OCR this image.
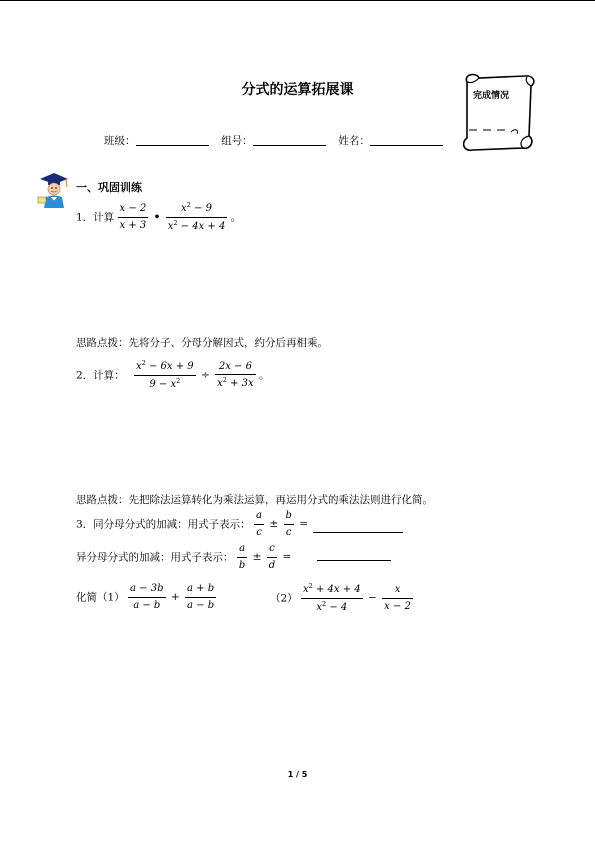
分式的运算拓展课	完成情况
班级：	组号：	姓名：
一、巩固训练
1．计算 $\frac{x - 2}{x + 3}$ • $\frac{x^2 - 9}{x^2 - 4x + 4}$ 。
思路点拨：先将分子、分母分解因式，约分后再相乘。
2．计算： $\frac{x^2 - 6x + 9}{9 - x^2} \div \frac{2x - 6}{x^2 + 3x}$ 。
思路点拨：先把除法运算转化为乘法运算，再运用分式的乘法法则进行化简。
3．同分母分式的加减：用式子表示： $\frac{a}{c} \pm \frac{b}{c}$ =
异分母分式的加减：用式子表示： $\frac{a}{b} \pm \frac{c}{d}$ =
化简$(1) \frac{a - 3b}{a - b} + \frac{a + b}{a - b}$	$(2) \frac{x^2 + 4x + 4}{x^2 - 4} - \frac{x}{x - 2}$
1 / 5
